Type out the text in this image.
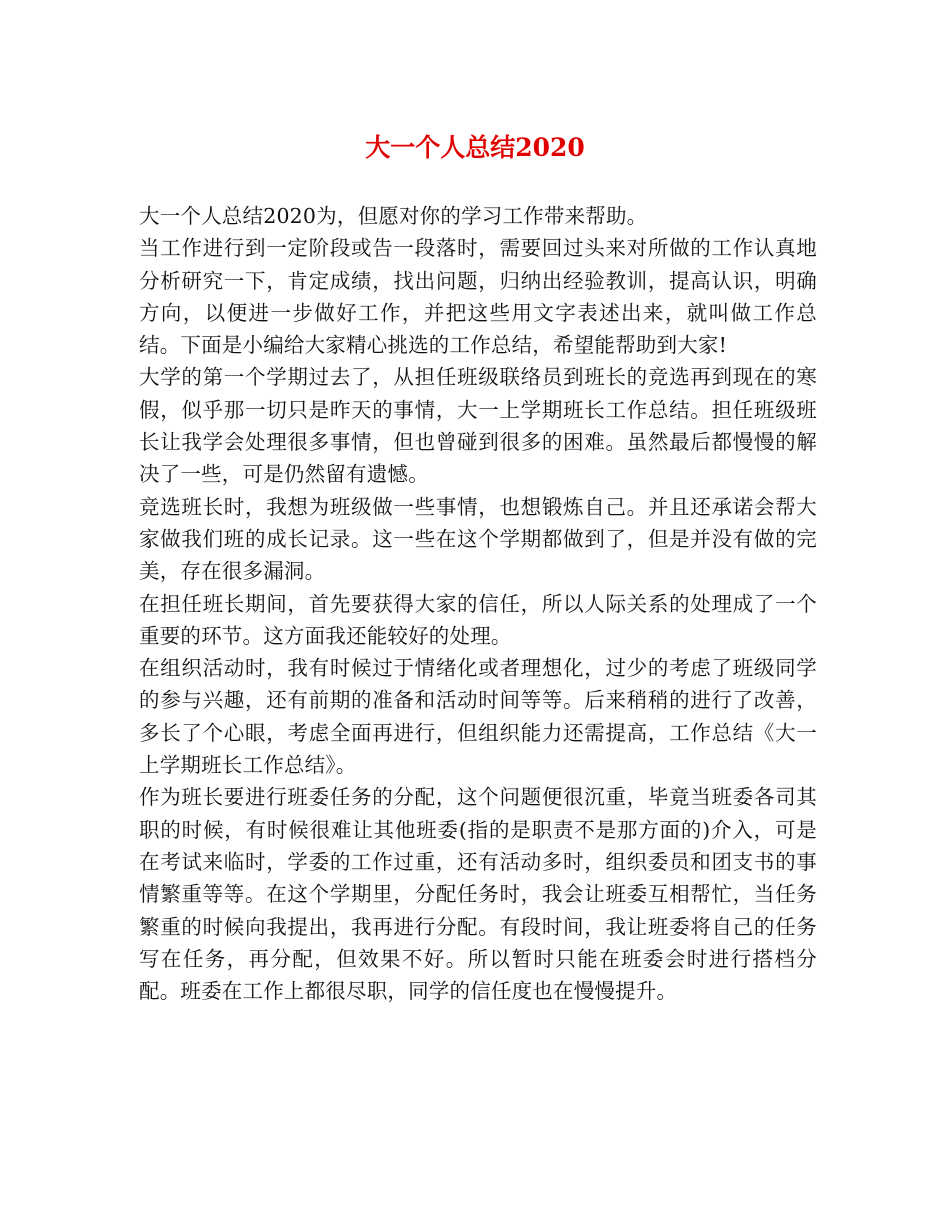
大一个人总结2020

大一个人总结2020为，但愿对你的学习工作带来帮助。

当工作进行到一定阶段或告一段落时，需要回过头来对所做的工作认真地分析研究一下，肯定成绩，找出问题，归纳出经验教训，提高认识，明确方向，以便进一步做好工作，并把这些用文字表述出来，就叫做工作总结。下面是小编给大家精心挑选的工作总结，希望能帮助到大家!

大学的第一个学期过去了，从担任班级联络员到班长的竞选再到现在的寒假，似乎那一切只是昨天的事情，大一上学期班长工作总结。担任班级班长让我学会处理很多事情，但也曾碰到很多的困难。虽然最后都慢慢的解决了一些，可是仍然留有遗憾。

竞选班长时，我想为班级做一些事情，也想锻炼自己。并且还承诺会帮大家做我们班的成长记录。这一些在这个学期都做到了，但是并没有做的完美，存在很多漏洞。

在担任班长期间，首先要获得大家的信任，所以人际关系的处理成了一个重要的环节。这方面我还能较好的处理。

在组织活动时，我有时候过于情绪化或者理想化，过少的考虑了班级同学的参与兴趣，还有前期的准备和活动时间等等。后来稍稍的进行了改善，多长了个心眼，考虑全面再进行，但组织能力还需提高，工作总结《大一上学期班长工作总结》。

作为班长要进行班委任务的分配，这个问题便很沉重，毕竟当班委各司其职的时候，有时候很难让其他班委(指的是职责不是那方面的)介入，可是在考试来临时，学委的工作过重，还有活动多时，组织委员和团支书的事情繁重等等。在这个学期里，分配任务时，我会让班委互相帮忙，当任务繁重的时候向我提出，我再进行分配。有段时间，我让班委将自己的任务写在任务，再分配，但效果不好。所以暂时只能在班委会时进行搭档分配。班委在工作上都很尽职，同学的信任度也在慢慢提升。
